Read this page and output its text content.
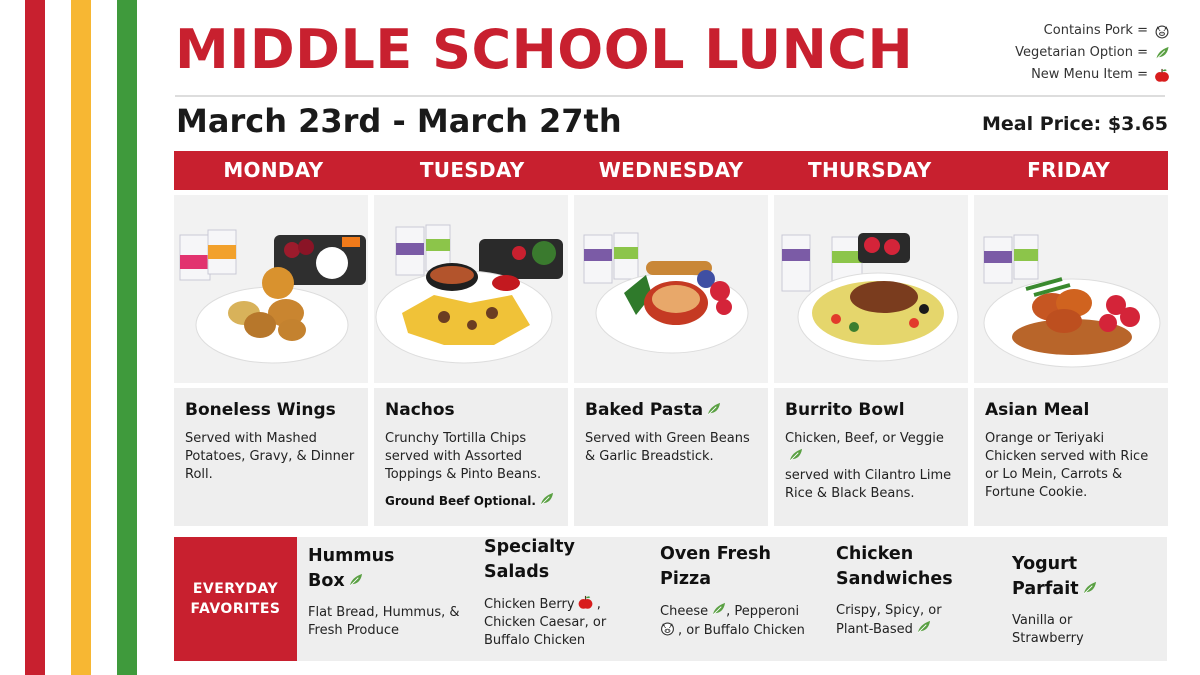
MIDDLE SCHOOL LUNCH	Contains Pork =
Vegetarian Option =
New Menu Item =
March 23rd - March 27th	Meal Price: $3.65
MONDAY	TUESDAY	WEDNESDAY	THURSDAY	FRIDAY
Boneless Wings
Served with Mashed Potatoes, Gravy, & Dinner Roll.
Nachos
Crunchy Tortilla Chips served with Assorted Toppings & Pinto Beans.
Ground Beef Optional.
Baked Pasta
Served with Green Beans & Garlic Breadstick.
Burrito Bowl
Chicken, Beef, or Veggie
served with Cilantro Lime Rice & Black Beans.
Asian Meal
Orange or Teriyaki Chicken served with Rice or Lo Mein, Carrots & Fortune Cookie.
EVERYDAY
FAVORITES
Hummus
Box
Flat Bread, Hummus, & Fresh Produce
Specialty
Salads
Chicken Berry ,
Chicken Caesar, or Buffalo Chicken
Oven Fresh
Pizza
Cheese , Pepperoni
, or Buffalo Chicken
Chicken
Sandwiches
Crispy, Spicy, or
Plant-Based
Yogurt
Parfait
Vanilla or Strawberry
